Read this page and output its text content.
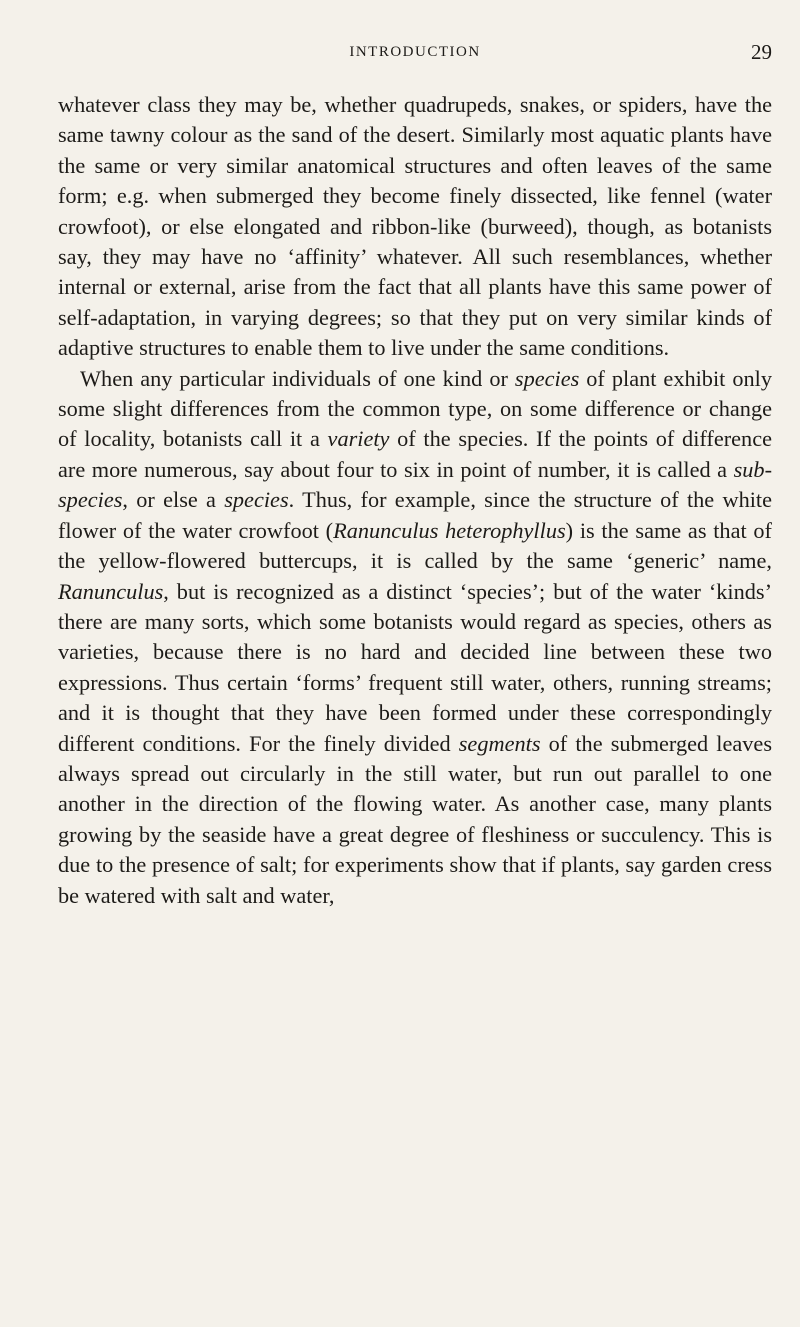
INTRODUCTION	29

whatever class they may be, whether quadrupeds, snakes, or spiders, have the same tawny colour as the sand of the desert. Similarly most aquatic plants have the same or very similar anatomical structures and often leaves of the same form; e.g. when submerged they become finely dissected, like fennel (water crowfoot), or else elongated and ribbon-like (burweed), though, as botanists say, they may have no ‘affinity’ whatever. All such resemblances, whether internal or external, arise from the fact that all plants have this same power of self-adaptation, in varying degrees; so that they put on very similar kinds of adaptive structures to enable them to live under the same conditions.

When any particular individuals of one kind or species of plant exhibit only some slight differences from the common type, on some difference or change of locality, botanists call it a variety of the species. If the points of difference are more numerous, say about four to six in point of number, it is called a sub-species, or else a species. Thus, for example, since the structure of the white flower of the water crowfoot (Ranunculus heterophyllus) is the same as that of the yellow-flowered buttercups, it is called by the same ‘generic’ name, Ranunculus, but is recognized as a distinct ‘species’; but of the water ‘kinds’ there are many sorts, which some botanists would regard as species, others as varieties, because there is no hard and decided line between these two expressions. Thus certain ‘forms’ frequent still water, others, running streams; and it is thought that they have been formed under these correspondingly different conditions. For the finely divided segments of the submerged leaves always spread out circularly in the still water, but run out parallel to one another in the direction of the flowing water. As another case, many plants growing by the seaside have a great degree of fleshiness or succulency. This is due to the presence of salt; for experiments show that if plants, say garden cress be watered with salt and water,
